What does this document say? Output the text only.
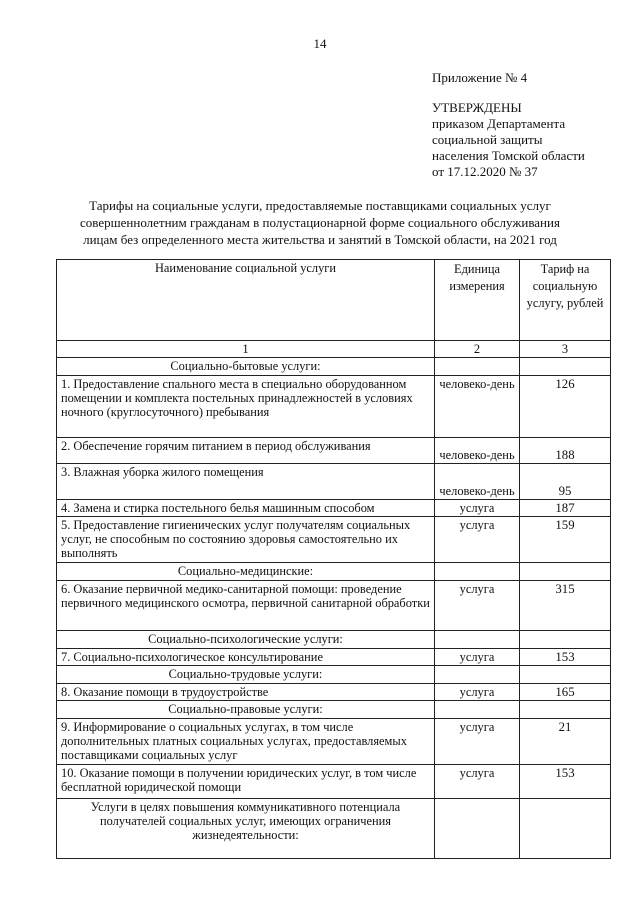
14
Приложение № 4
УТВЕРЖДЕНЫ
приказом Департамента
социальной защиты
населения Томской области
от 17.12.2020 № 37
Тарифы на социальные услуги, предоставляемые поставщиками социальных услуг
совершеннолетним гражданам в полустационарной форме социального обслуживания
лицам без определенного места жительства и занятий в Томской области, на 2021 год
Наименование социальной услуги	Единица измерения	Тариф на социальную услугу, рублей
1	2	3
Социально-бытовые услуги:		
1. Предоставление спального места в специально оборудованном помещении и комплекта постельных принадлежностей в условиях ночного (круглосуточного) пребывания	человеко-день	126
2. Обеспечение горячим питанием в период обслуживания	человеко-день	188
3. Влажная уборка жилого помещения	человеко-день	95
4. Замена и стирка постельного белья машинным способом	услуга	187
5. Предоставление гигиенических услуг получателям социальных услуг, не способным по состоянию здоровья самостоятельно их выполнять	услуга	159
Социально-медицинские:		
6. Оказание первичной медико-санитарной помощи: проведение первичного медицинского осмотра, первичной санитарной обработки	услуга	315
Социально-психологические услуги:		
7. Социально-психологическое консультирование	услуга	153
Социально-трудовые услуги:		
8. Оказание помощи в трудоустройстве	услуга	165
Социально-правовые услуги:		
9. Информирование о социальных услугах, в том числе дополнительных платных социальных услугах, предоставляемых поставщиками социальных услуг	услуга	21
10. Оказание помощи в получении юридических услуг, в том числе бесплатной юридической помощи	услуга	153
Услуги в целях повышения коммуникативного потенциала получателей социальных услуг, имеющих ограничения жизнедеятельности:		
